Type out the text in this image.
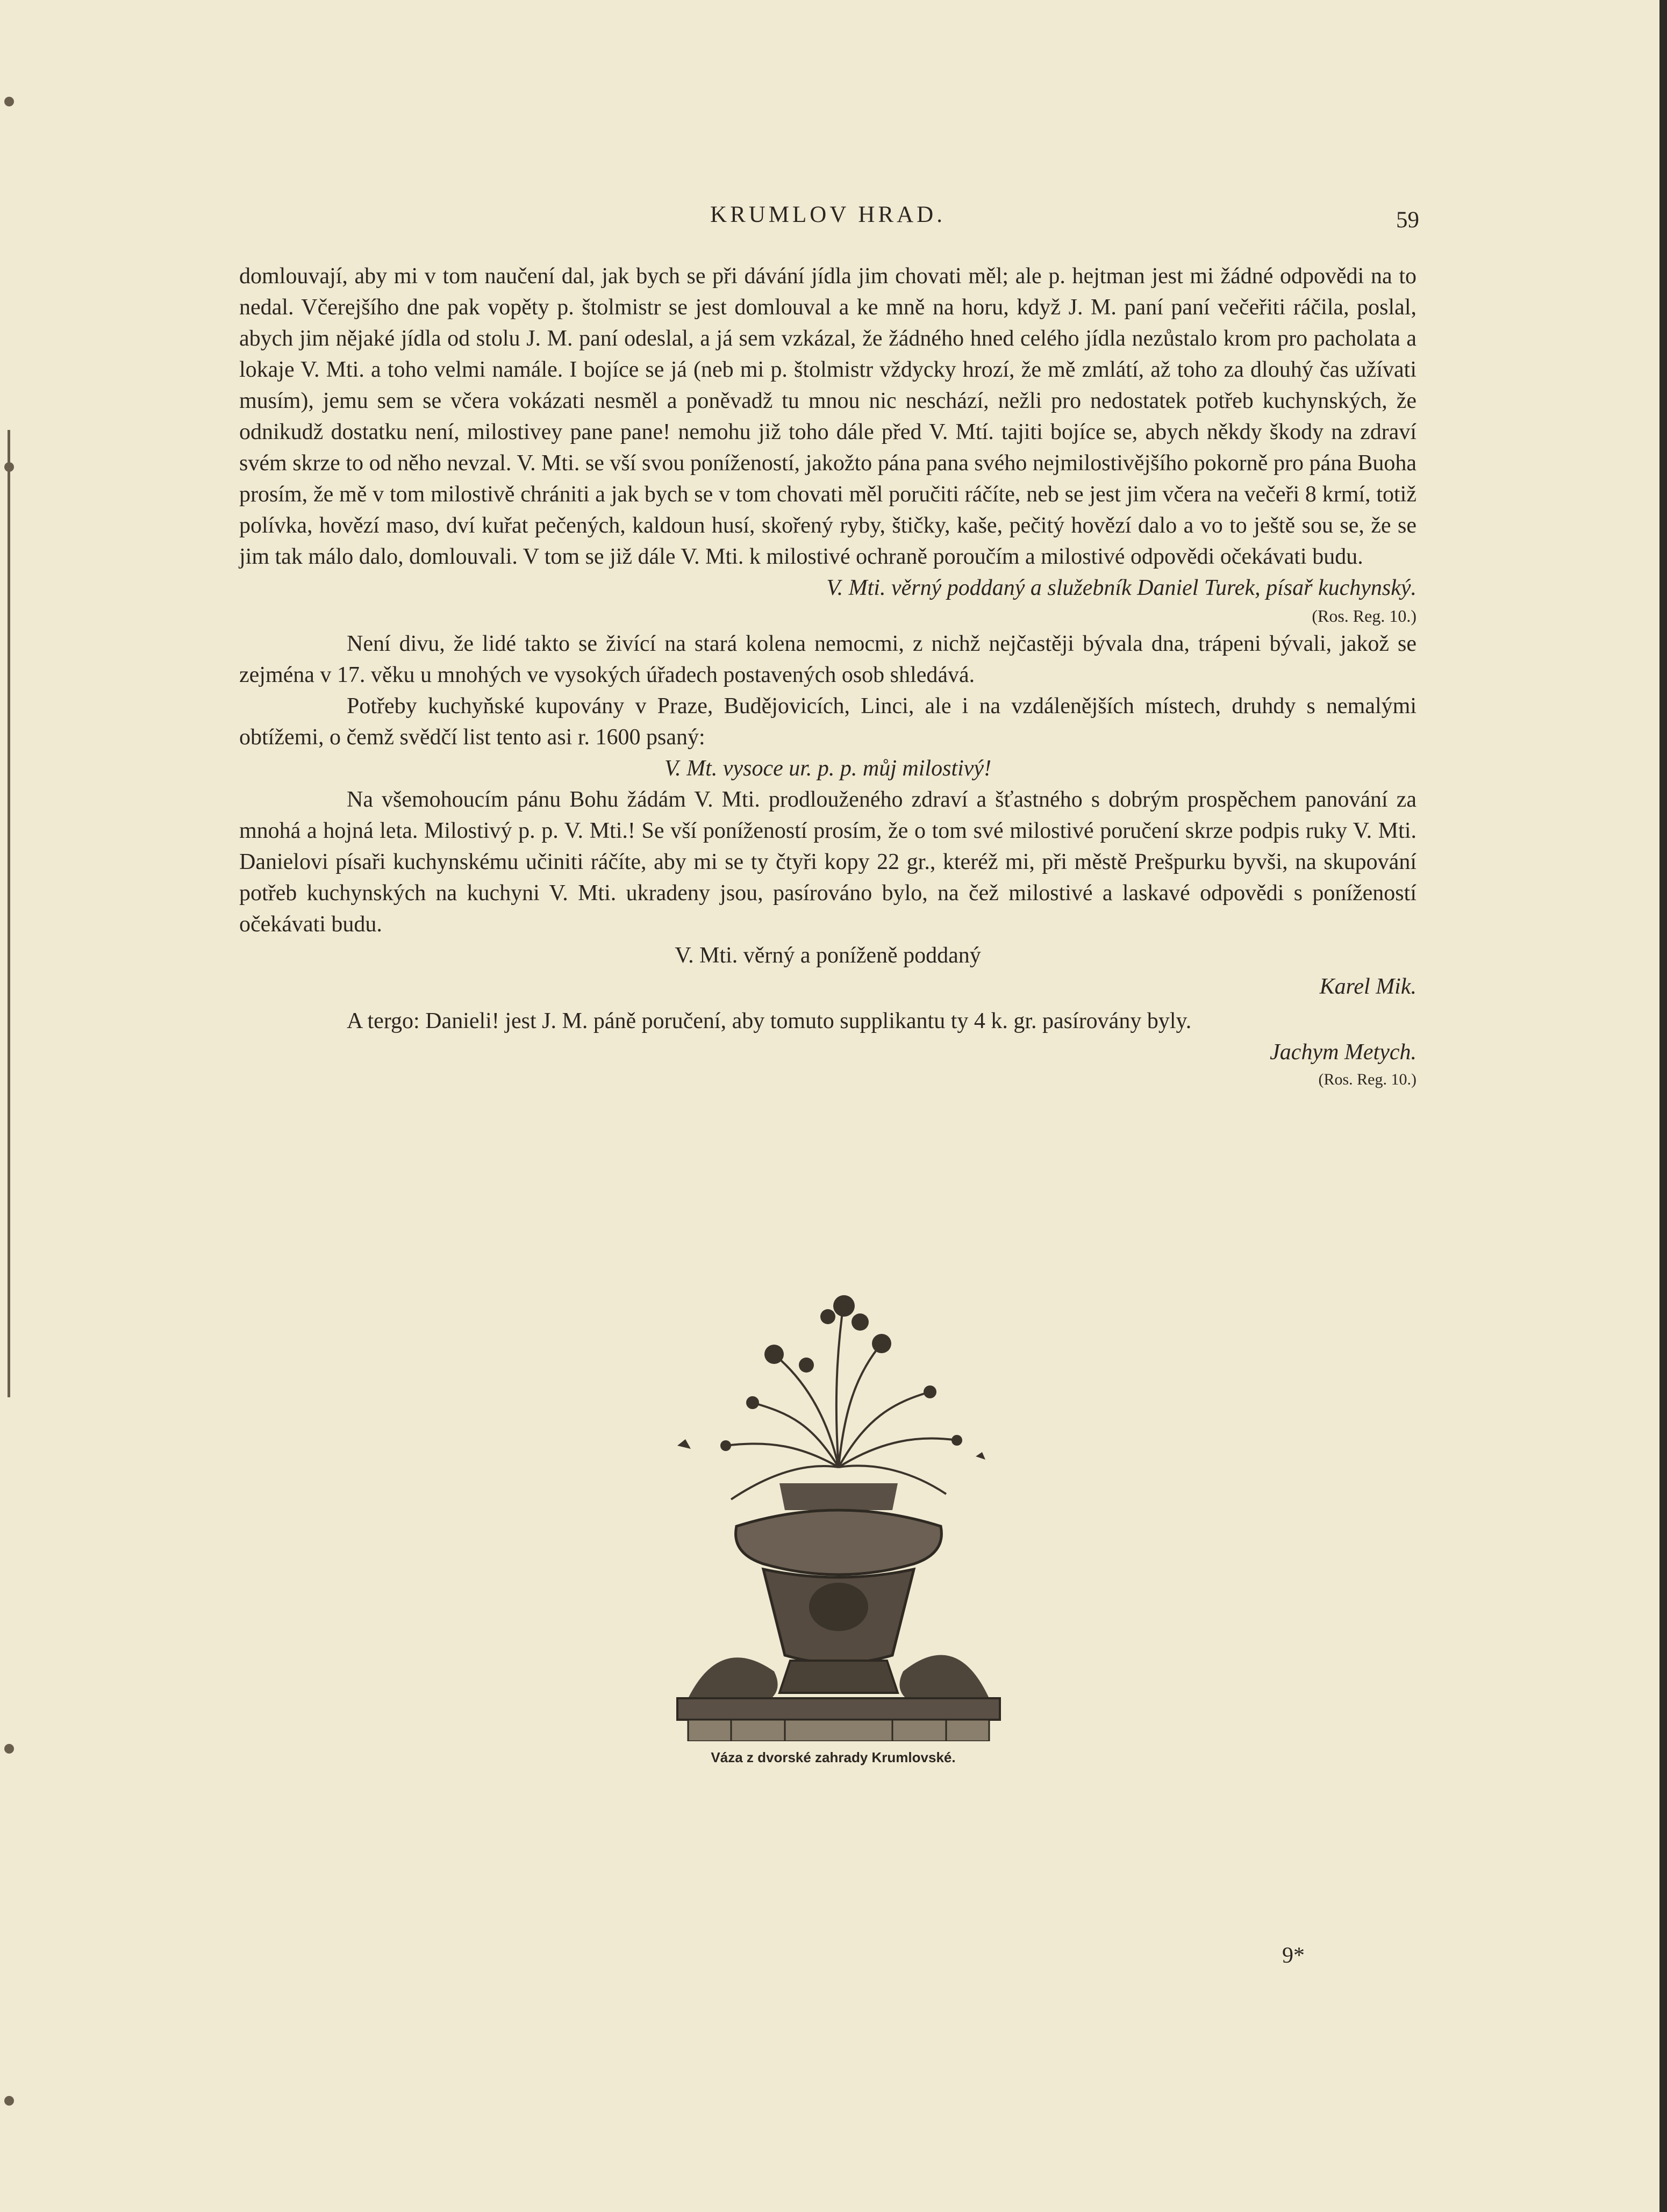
KRUMLOV HRAD.	59

domlouvají, aby mi v tom naučení dal, jak bych se při dávání jídla jim chovati měl; ale p. hejtman jest mi žádné odpovědi na to nedal. Včerejšího dne pak vopěty p. štolmistr se jest domlouval a ke mně na horu, když J. M. paní paní večeřiti ráčila, poslal, abych jim nějaké jídla od stolu J. M. paní odeslal, a já sem vzkázal, že žádného hned celého jídla nezůstalo krom pro pacholata a lokaje V. Mti. a toho velmi namále. I bojíce se já (neb mi p. štolmistr vždycky hrozí, že mě zmlátí, až toho za dlouhý čas užívati musím), jemu sem se včera vokázati nesměl a poněvadž tu mnou nic neschází, nežli pro nedostatek potřeb kuchynských, že odnikudž dostatku není, milostivey pane pane! nemohu již toho dále před V. Mtí. tajiti bojíce se, abych někdy škody na zdraví svém skrze to od něho nevzal. V. Mti. se vší svou ponížeností, jakožto pána pana svého nejmilostivějšího pokorně pro pána Buoha prosím, že mě v tom milostivě chrániti a jak bych se v tom chovati měl poručiti ráčíte, neb se jest jim včera na večeři 8 krmí, totiž polívka, hovězí maso, dví kuřat pečených, kaldoun husí, skořený ryby, štičky, kaše, pečitý hovězí dalo a vo to ještě sou se, že se jim tak málo dalo, domlouvali. V tom se již dále V. Mti. k milostivé ochraně poroučím a milostivé odpovědi očekávati budu.

V. Mti. věrný poddaný a služebník Daniel Turek, písař kuchynský.

(Ros. Reg. 10.)

Není divu, že lidé takto se živící na stará kolena nemocmi, z nichž nejčastěji bývala dna, trápeni bývali, jakož se zejména v 17. věku u mnohých ve vysokých úřadech postavených osob shledává.

Potřeby kuchyňské kupovány v Praze, Budějovicích, Linci, ale i na vzdálenějších místech, druhdy s nemalými obtížemi, o čemž svědčí list tento asi r. 1600 psaný:

V. Mt. vysoce ur. p. p. můj milostivý!

Na všemohoucím pánu Bohu žádám V. Mti. prodlouženého zdraví a šťastného s dobrým prospěchem panování za mnohá a hojná leta. Milostivý p. p. V. Mti.! Se vší ponížeností prosím, že o tom své milostivé poručení skrze podpis ruky V. Mti. Danielovi písaři kuchynskému učiniti ráčíte, aby mi se ty čtyři kopy 22 gr., kteréž mi, při městě Prešpurku byvši, na skupování potřeb kuchynských na kuchyni V. Mti. ukradeny jsou, pasírováno bylo, na čež milostivé a laskavé odpovědi s ponížeností očekávati budu.

V. Mti. věrný a poníženě poddaný

Karel Mik.

A tergo: Danieli! jest J. M. páně poručení, aby tomuto supplikantu ty 4 k. gr. pasírovány byly.

Jachym Metych.

(Ros. Reg. 10.)

Váza z dvorské zahrady Krumlovské.
9*
